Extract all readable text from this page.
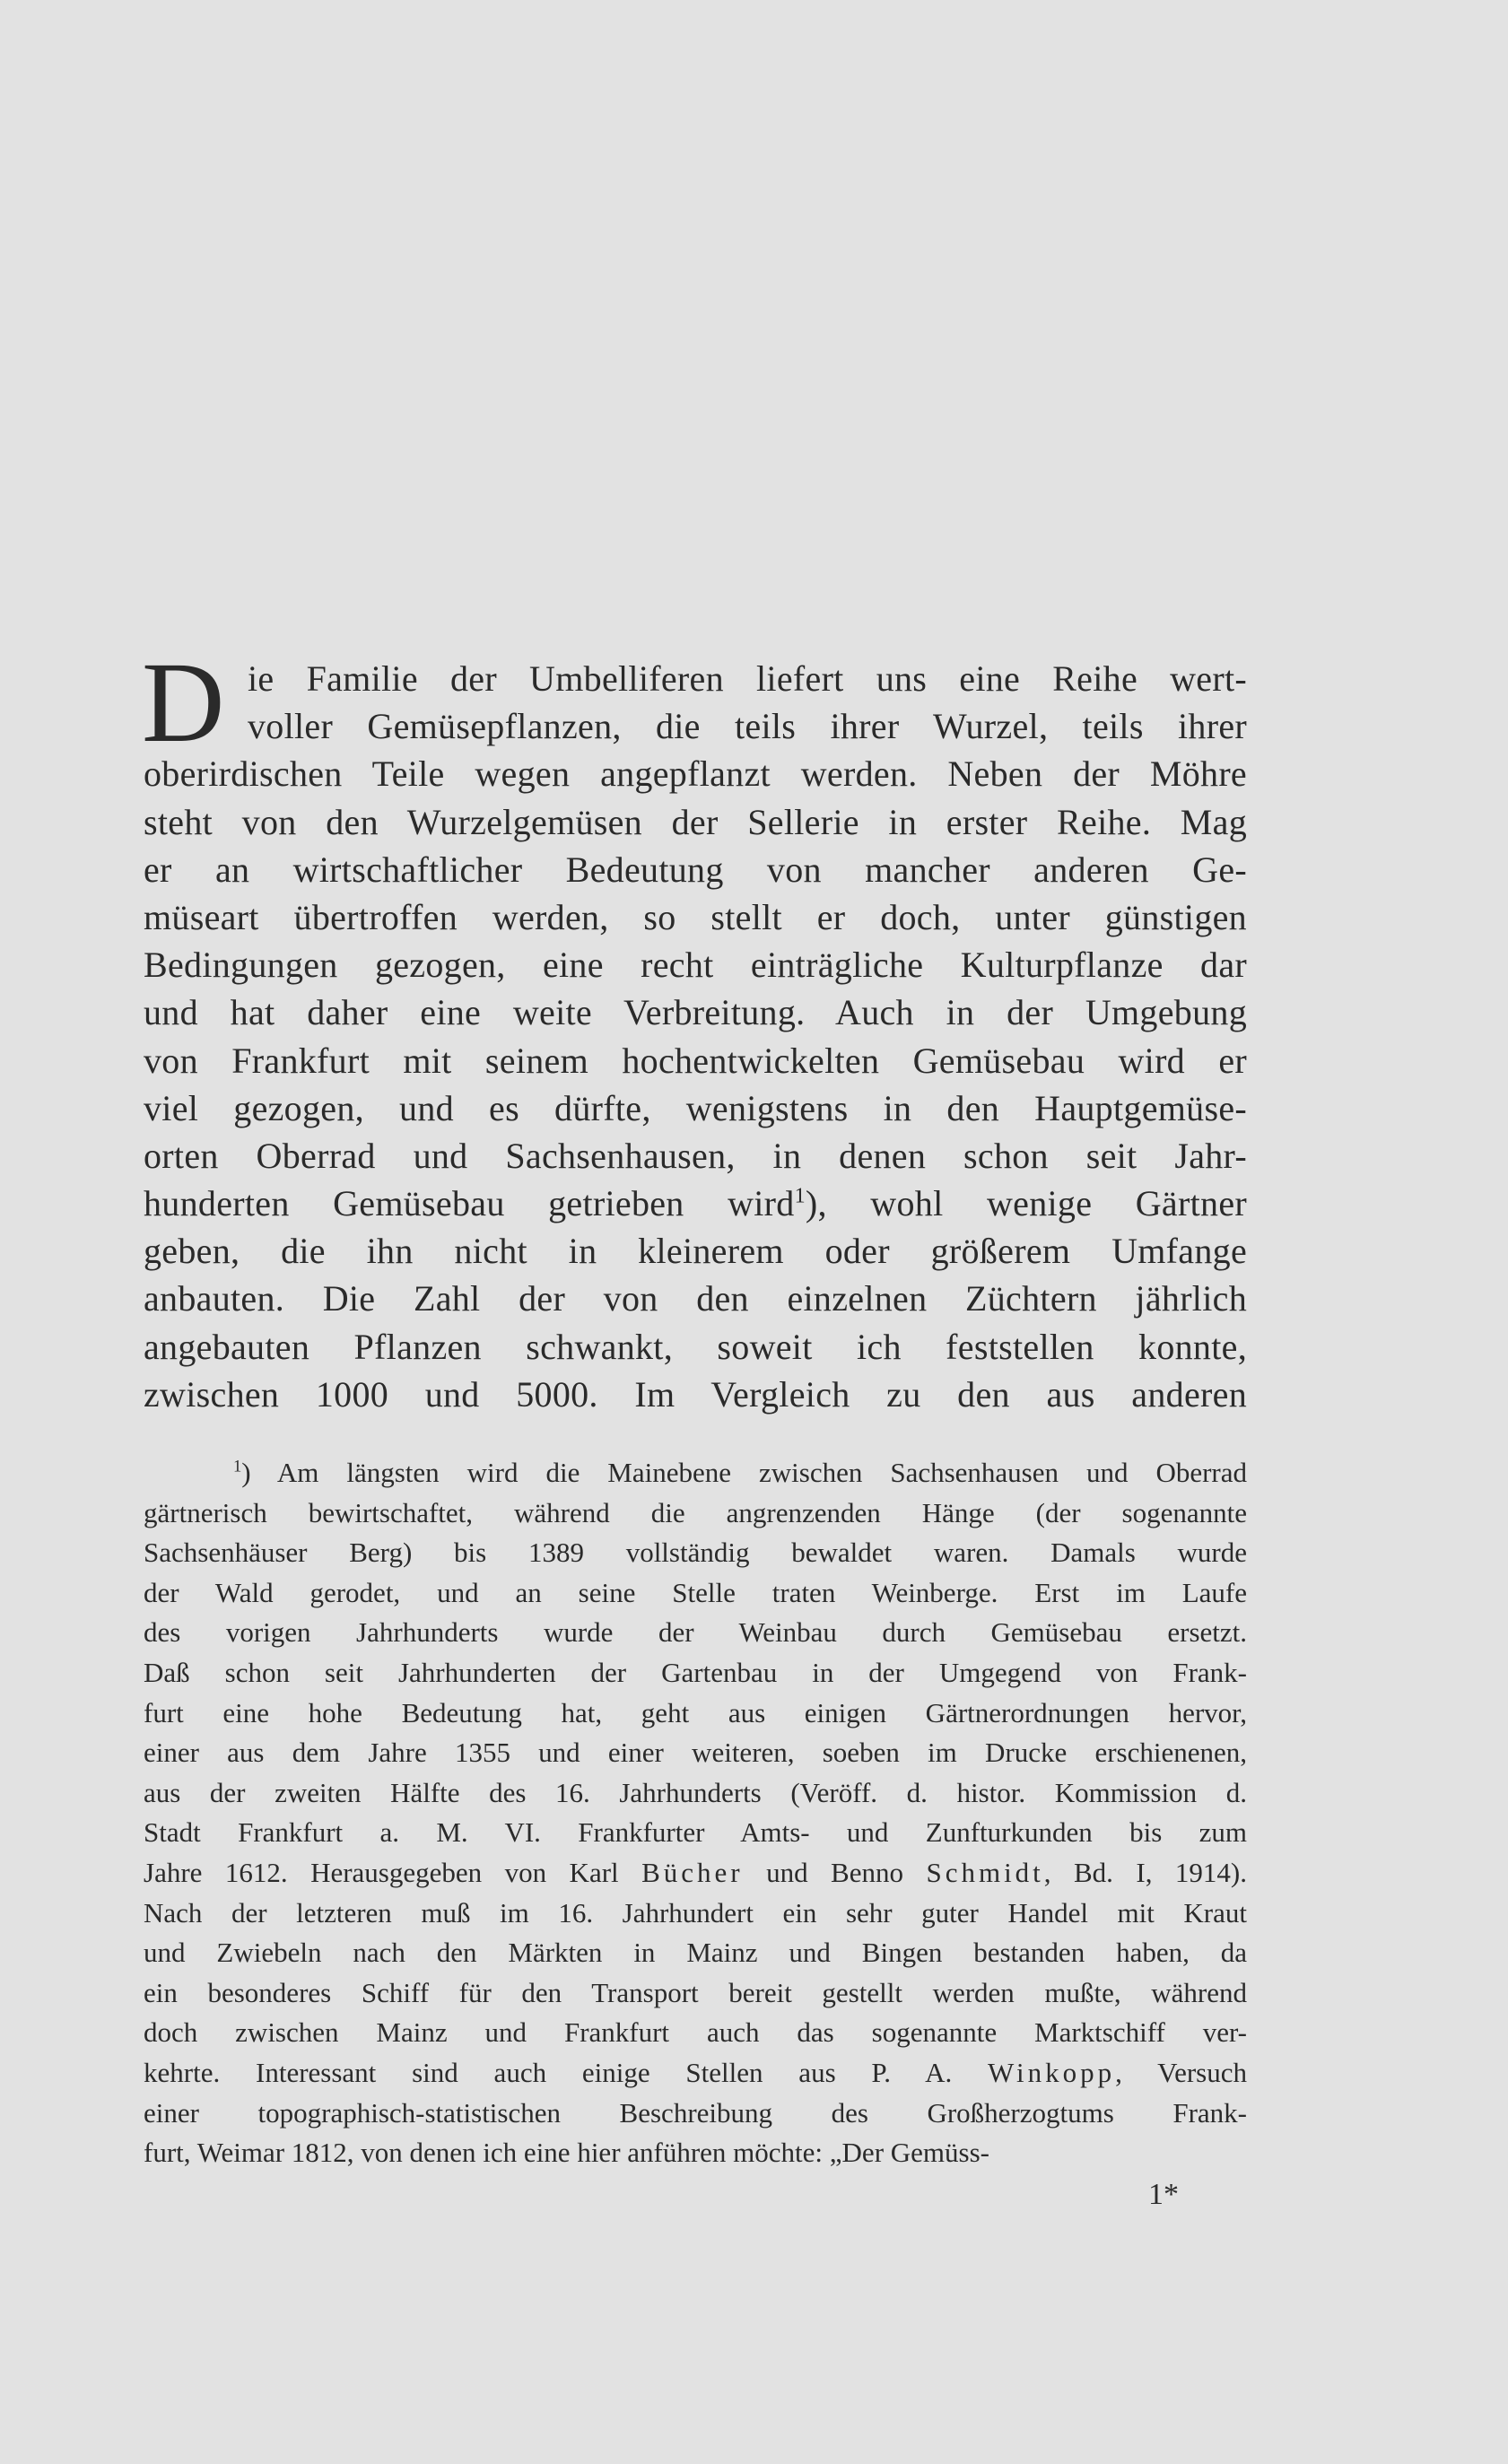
D ie Familie der Umbelliferen liefert uns eine Reihe wert-
voller Gemüsepflanzen, die teils ihrer Wurzel, teils ihrer
oberirdischen Teile wegen angepflanzt werden. Neben der Möhre
steht von den Wurzelgemüsen der Sellerie in erster Reihe. Mag
er an wirtschaftlicher Bedeutung von mancher anderen Ge-
müseart übertroffen werden, so stellt er doch, unter günstigen
Bedingungen gezogen, eine recht einträgliche Kulturpflanze dar
und hat daher eine weite Verbreitung. Auch in der Umgebung
von Frankfurt mit seinem hochentwickelten Gemüsebau wird er
viel gezogen, und es dürfte, wenigstens in den Hauptgemüse-
orten Oberrad und Sachsenhausen, in denen schon seit Jahr-
hunderten Gemüsebau getrieben wird$^1$), wohl wenige Gärtner
geben, die ihn nicht in kleinerem oder größerem Umfange
anbauten. Die Zahl der von den einzelnen Züchtern jährlich
angebauten Pflanzen schwankt, soweit ich feststellen konnte,
zwischen 1000 und 5000. Im Vergleich zu den aus anderen
$^1$) Am längsten wird die Mainebene zwischen Sachsenhausen und Oberrad
gärtnerisch bewirtschaftet, während die angrenzenden Hänge (der sogenannte
Sachsenhäuser Berg) bis 1389 vollständig bewaldet waren. Damals wurde
der Wald gerodet, und an seine Stelle traten Weinberge. Erst im Laufe
des vorigen Jahrhunderts wurde der Weinbau durch Gemüsebau ersetzt.
Daß schon seit Jahrhunderten der Gartenbau in der Umgegend von Frank-
furt eine hohe Bedeutung hat, geht aus einigen Gärtnerordnungen hervor,
einer aus dem Jahre 1355 und einer weiteren, soeben im Drucke erschienenen,
aus der zweiten Hälfte des 16. Jahrhunderts (Veröff. d. histor. Kommission d.
Stadt Frankfurt a. M. VI. Frankfurter Amts- und Zunfturkunden bis zum
Jahre 1612. Herausgegeben von Karl Bücher und Benno Schmidt, Bd. I, 1914).
Nach der letzteren muß im 16. Jahrhundert ein sehr guter Handel mit Kraut
und Zwiebeln nach den Märkten in Mainz und Bingen bestanden haben, da
ein besonderes Schiff für den Transport bereit gestellt werden mußte, während
doch zwischen Mainz und Frankfurt auch das sogenannte Marktschiff ver-
kehrte. Interessant sind auch einige Stellen aus P. A. Winkopp, Versuch
einer topographisch-statistischen Beschreibung des Großherzogtums Frank-
furt, Weimar 1812, von denen ich eine hier anführen möchte: „Der Gemüss-
1*
